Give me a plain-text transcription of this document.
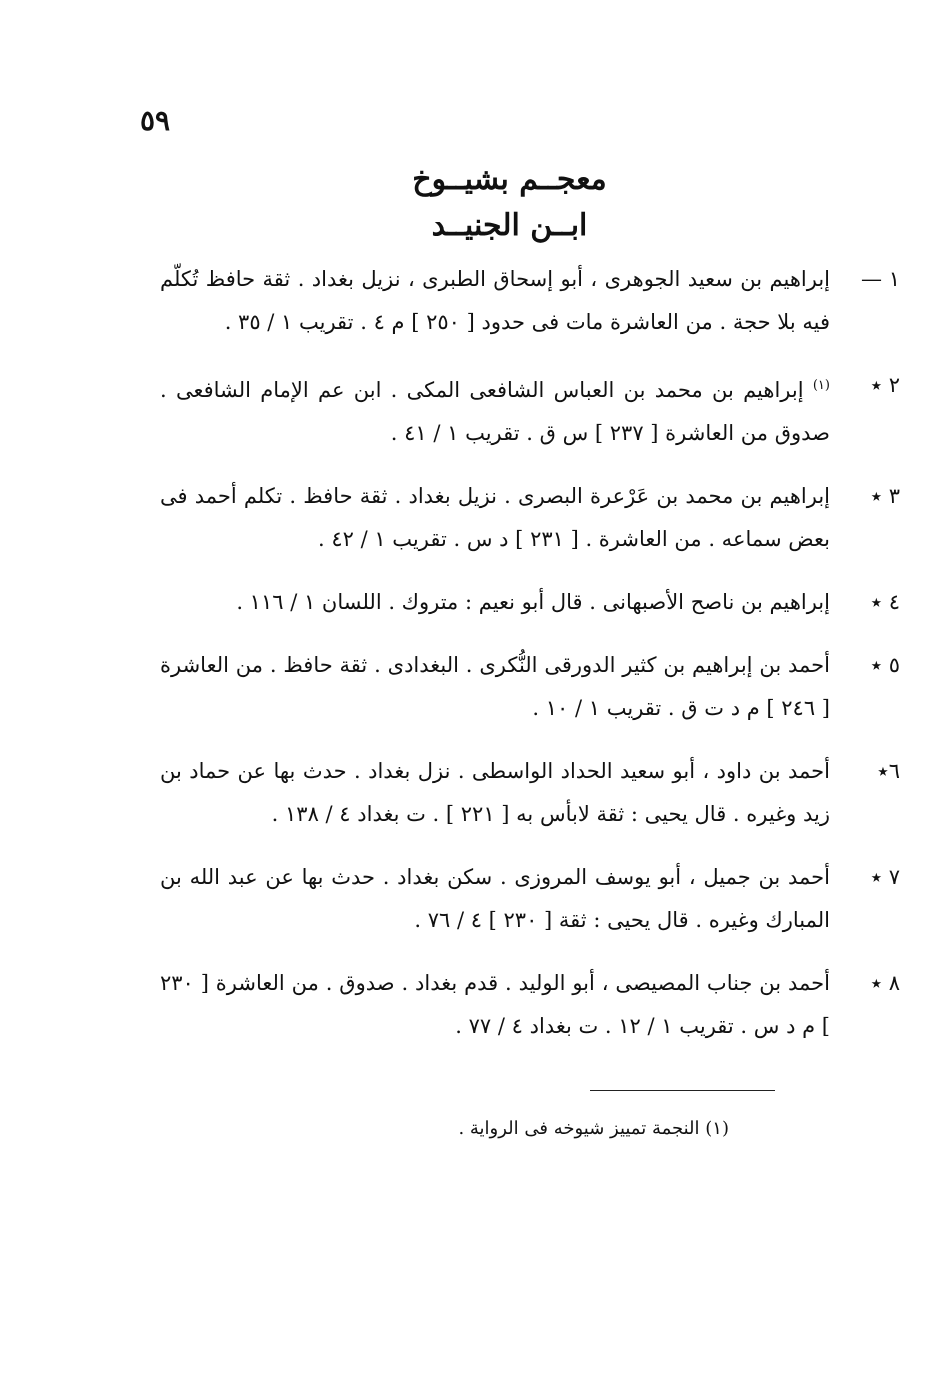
٥٩
معجــم بشيــوخ
ابــن الجنيــد
١ —
إبراهيم بن سعيد الجوهرى ، أبو إسحاق الطبرى ، نزيل بغداد . ثقة حافظ تُكلّم فيه بلا حجة . من العاشرة مات فى حدود [ ٢٥٠ ] م ٤ . تقريب ١ / ٣٥ .
٢ ٭
$^{(١)}$ إبراهيم بن محمد بن العباس الشافعى المكى . ابن عم الإمام الشافعى . صدوق من العاشرة [ ٢٣٧ ] س ق . تقريب ١ / ٤١ .
٣ ٭
إبراهيم بن محمد بن عَرْعرة البصرى . نزيل بغداد . ثقة حافظ . تكلم أحمد فى بعض سماعه . من العاشرة . [ ٢٣١ ] د س . تقريب ١ / ٤٢ .
٤ ٭
إبراهيم بن ناصح الأصبهانى . قال أبو نعيم : متروك . اللسان ١ / ١١٦ .
٥ ٭
أحمد بن إبراهيم بن كثير الدورقى النُّكرى . البغدادى . ثقة حافظ . من العاشرة [ ٢٤٦ ] م د ت ق . تقريب ١ / ١٠ .
٦٭
أحمد بن داود ، أبو سعيد الحداد الواسطى . نزل بغداد . حدث بها عن حماد بن زيد وغيره . قال يحيى : ثقة لابأس به [ ٢٢١ ] . ت بغداد ٤ / ١٣٨ .
٧ ٭
أحمد بن جميل ، أبو يوسف المروزى . سكن بغداد . حدث بها عن عبد الله بن المبارك وغيره . قال يحيى : ثقة [ ٢٣٠ ] ٤ / ٧٦ .
٨ ٭
أحمد بن جناب المصيصى ، أبو الوليد . قدم بغداد . صدوق . من العاشرة [ ٢٣٠ ] م د س . تقريب ١ / ١٢ . ت بغداد ٤ / ٧٧ .
(١) النجمة تمييز شيوخه فى الرواية .
